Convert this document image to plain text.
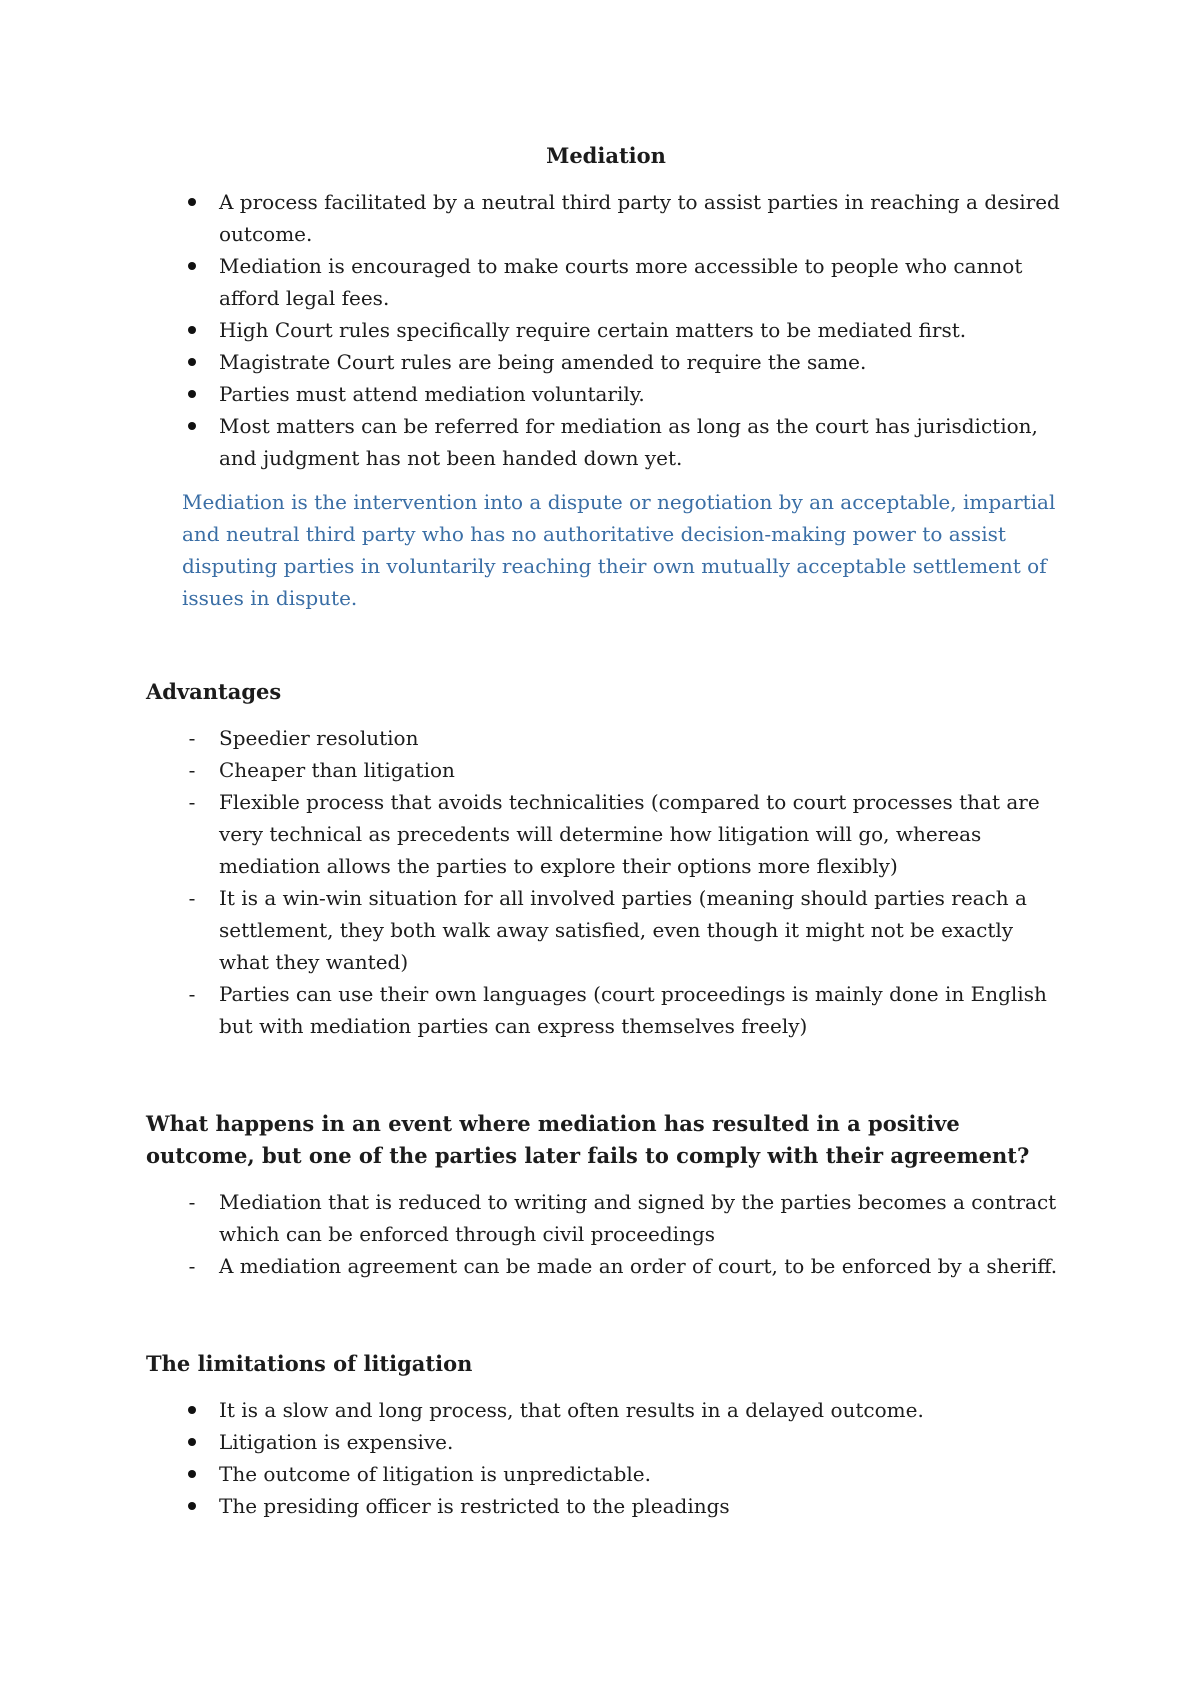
Mediation
A process facilitated by a neutral third party to assist parties in reaching a desired outcome.
Mediation is encouraged to make courts more accessible to people who cannot afford legal fees.
High Court rules specifically require certain matters to be mediated first.
Magistrate Court rules are being amended to require the same.
Parties must attend mediation voluntarily.
Most matters can be referred for mediation as long as the court has jurisdiction, and judgment has not been handed down yet.

Mediation is the intervention into a dispute or negotiation by an acceptable, impartial and neutral third party who has no authoritative decision-making power to assist disputing parties in voluntarily reaching their own mutually acceptable settlement of issues in dispute.

Advantages
-	Speedier resolution
-	Cheaper than litigation
-	Flexible process that avoids technicalities (compared to court processes that are very technical as precedents will determine how litigation will go, whereas mediation allows the parties to explore their options more flexibly)
-	It is a win-win situation for all involved parties (meaning should parties reach a settlement, they both walk away satisfied, even though it might not be exactly what they wanted)
-	Parties can use their own languages (court proceedings is mainly done in English but with mediation parties can express themselves freely)
What happens in an event where mediation has resulted in a positive outcome, but one of the parties later fails to comply with their agreement?
-	Mediation that is reduced to writing and signed by the parties becomes a contract which can be enforced through civil proceedings
-	A mediation agreement can be made an order of court, to be enforced by a sheriff.
The limitations of litigation
It is a slow and long process, that often results in a delayed outcome.
Litigation is expensive.
The outcome of litigation is unpredictable.
The presiding officer is restricted to the pleadings
